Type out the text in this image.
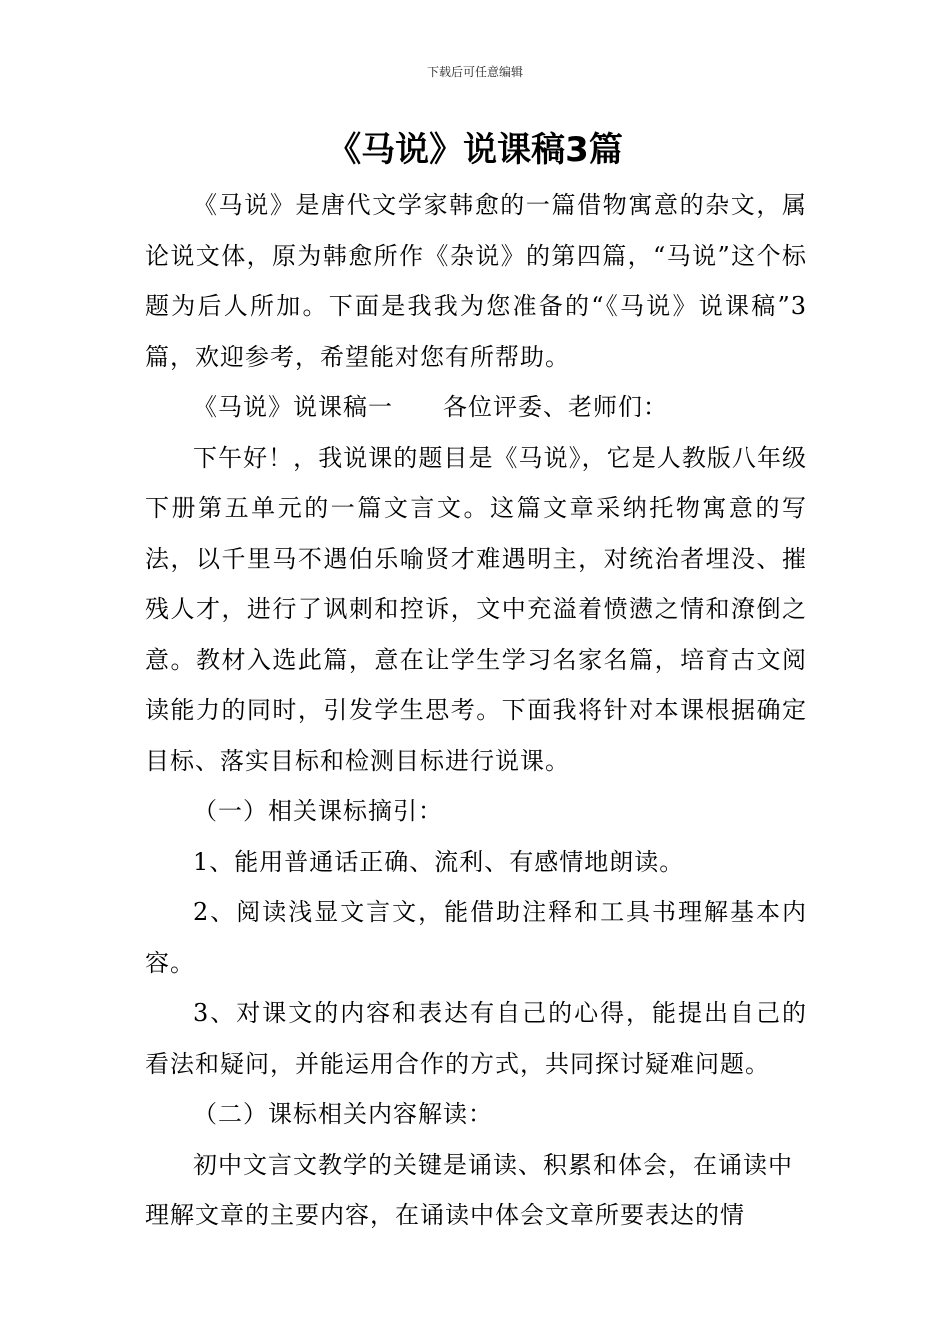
下载后可任意编辑
《马说》说课稿3篇

《马说》是唐代文学家韩愈的一篇借物寓意的杂文，属论说文体，原为韩愈所作《杂说》的第四篇，“马说”这个标题为后人所加。下面是我我为您准备的“《马说》说课稿”3篇，欢迎参考，希望能对您有所帮助。

《马说》说课稿一　　各位评委、老师们：

下午好！，我说课的题目是《马说》，它是人教版八年级下册第五单元的一篇文言文。这篇文章采纳托物寓意的写法，以千里马不遇伯乐喻贤才难遇明主，对统治者埋没、摧残人才，进行了讽刺和控诉，文中充溢着愤懑之情和潦倒之意。教材入选此篇，意在让学生学习名家名篇，培育古文阅读能力的同时，引发学生思考。下面我将针对本课根据确定目标、落实目标和检测目标进行说课。

（一）相关课标摘引：

1、能用普通话正确、流利、有感情地朗读。

2、阅读浅显文言文，能借助注释和工具书理解基本内容。

3、对课文的内容和表达有自己的心得，能提出自己的看法和疑问，并能运用合作的方式，共同探讨疑难问题。

（二）课标相关内容解读：

初中文言文教学的关键是诵读、积累和体会，在诵读中理解文章的主要内容，在诵读中体会文章所要表达的情
